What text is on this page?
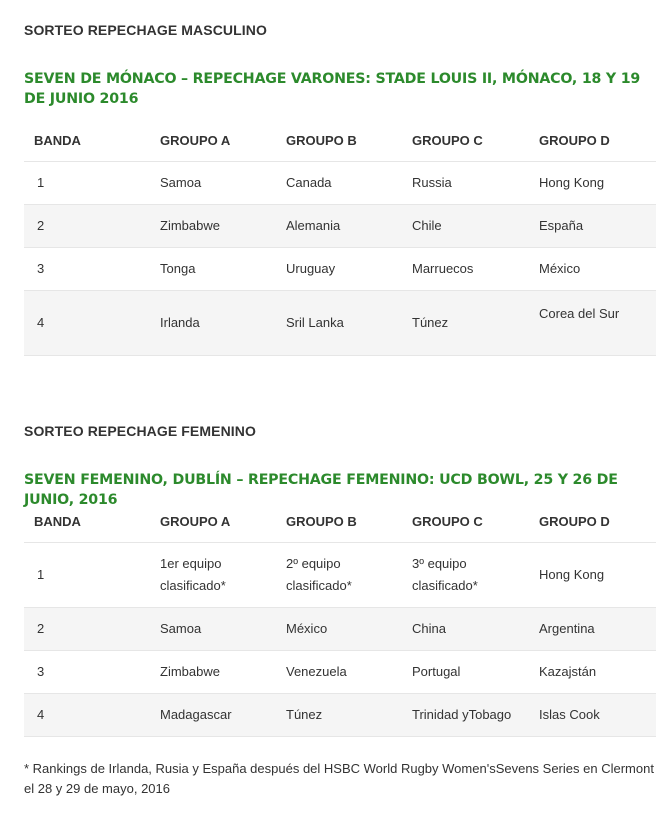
SORTEO REPECHAGE MASCULINO
SEVEN DE MÓNACO – REPECHAGE VARONES: STADE LOUIS II, MÓNACO, 18 Y 19 DE JUNIO 2016
BANDA	GROUPO A	GROUPO B	GROUPO C	GROUPO D
1	Samoa	Canada	Russia	Hong Kong
2	Zimbabwe	Alemania	Chile	España
3	Tonga	Uruguay	Marruecos	México
4	Irlanda	Sril Lanka	Túnez	Corea del Sur
SORTEO REPECHAGE FEMENINO
SEVEN FEMENINO, DUBLÍN – REPECHAGE FEMENINO: UCD BOWL, 25 Y 26 DE JUNIO, 2016
BANDA	GROUPO A	GROUPO B	GROUPO C	GROUPO D
1	1er equipo clasificado*	2º equipo clasificado*	3º equipo clasificado*	Hong Kong
2	Samoa	México	China	Argentina
3	Zimbabwe	Venezuela	Portugal	Kazajstán
4	Madagascar	Túnez	Trinidad yTobago	Islas Cook

* Rankings de Irlanda, Rusia y España después del HSBC World Rugby Women'sSevens Series en Clermont el 28 y 29 de mayo, 2016
